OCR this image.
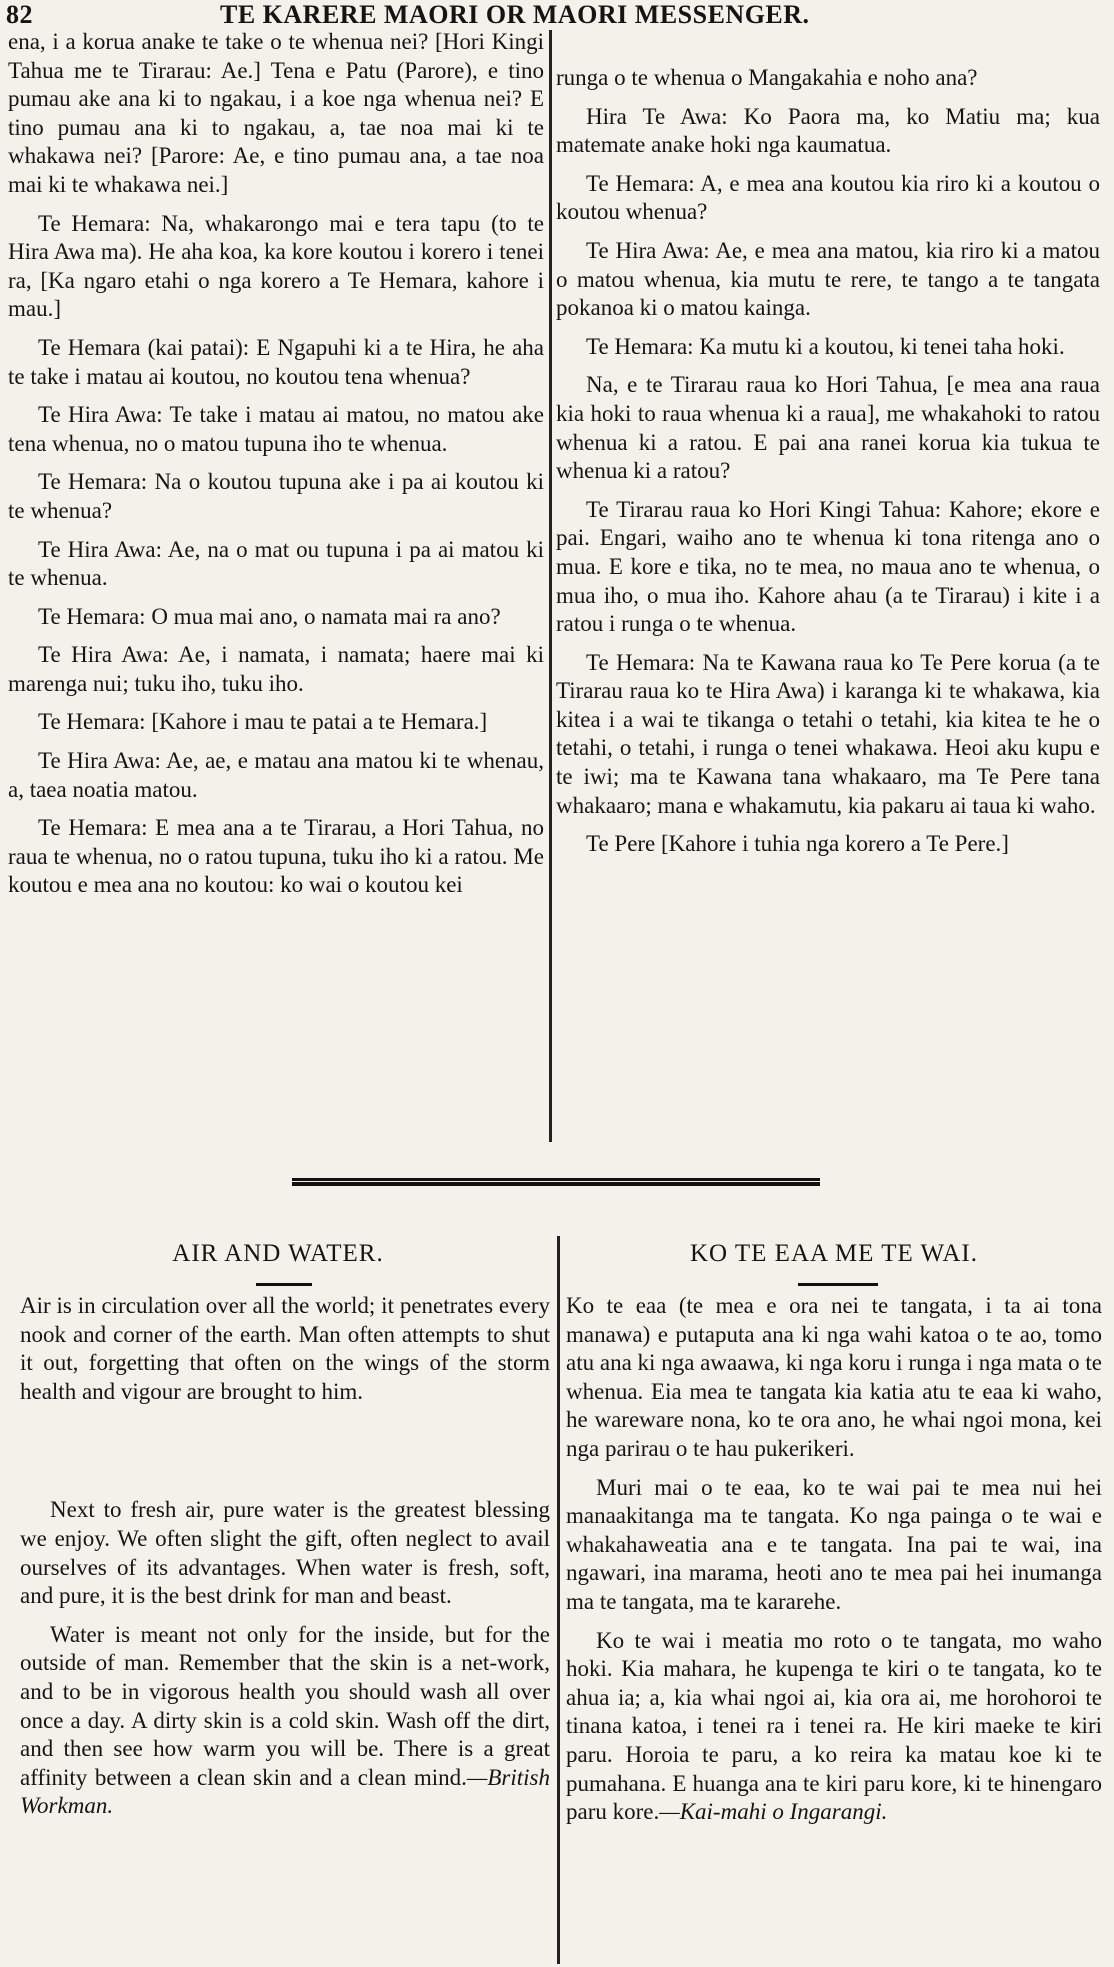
82	TE KARERE MAORI OR MAORI MESSENGER.

ena, i a korua anake te take o te whenua nei? [Hori Kingi Tahua me te Tirarau: Ae.] Tena e Patu (Parore), e tino pumau ake ana ki to ngakau, i a koe nga whenua nei? E tino pumau ana ki to ngakau, a, tae noa mai ki te whakawa nei? [Parore: Ae, e tino pumau ana, a tae noa mai ki te whakawa nei.]

Te Hemara: Na, whakarongo mai e tera tapu (to te Hira Awa ma). He aha koa, ka kore koutou i korero i tenei ra, [Ka ngaro etahi o nga korero a Te Hemara, kahore i mau.]

Te Hemara (kai patai): E Ngapuhi ki a te Hira, he aha te take i matau ai koutou, no koutou tena whenua?

Te Hira Awa: Te take i matau ai matou, no matou ake tena whenua, no o matou tupuna iho te whenua.

Te Hemara: Na o koutou tupuna ake i pa ai koutou ki te whenua?

Te Hira Awa: Ae, na o mat ou tupuna i pa ai matou ki te whenua.

Te Hemara: O mua mai ano, o namata mai ra ano?

Te Hira Awa: Ae, i namata, i namata; haere mai ki marenga nui; tuku iho, tuku iho.

Te Hemara: [Kahore i mau te patai a te Hemara.]

Te Hira Awa: Ae, ae, e matau ana matou ki te whenau, a, taea noatia matou.

Te Hemara: E mea ana a te Tirarau, a Hori Tahua, no raua te whenua, no o ratou tupuna, tuku iho ki a ratou. Me koutou e mea ana no koutou: ko wai o koutou kei

runga o te whenua o Mangakahia e noho ana?

Hira Te Awa: Ko Paora ma, ko Matiu ma; kua matemate anake hoki nga kaumatua.

Te Hemara: A, e mea ana koutou kia riro ki a koutou o koutou whenua?

Te Hira Awa: Ae, e mea ana matou, kia riro ki a matou o matou whenua, kia mutu te rere, te tango a te tangata pokanoa ki o matou kainga.

Te Hemara: Ka mutu ki a koutou, ki tenei taha hoki.

Na, e te Tirarau raua ko Hori Tahua, [e mea ana raua kia hoki to raua whenua ki a raua], me whakahoki to ratou whenua ki a ratou. E pai ana ranei korua kia tukua te whenua ki a ratou?

Te Tirarau raua ko Hori Kingi Tahua: Kahore; ekore e pai. Engari, waiho ano te whenua ki tona ritenga ano o mua. E kore e tika, no te mea, no maua ano te whenua, o mua iho, o mua iho. Kahore ahau (a te Tirarau) i kite i a ratou i runga o te whenua.

Te Hemara: Na te Kawana raua ko Te Pere korua (a te Tirarau raua ko te Hira Awa) i karanga ki te whakawa, kia kitea i a wai te tikanga o tetahi o tetahi, kia kitea te he o tetahi, o tetahi, i runga o tenei whakawa. Heoi aku kupu e te iwi; ma te Kawana tana whakaaro, ma Te Pere tana whakaaro; mana e whakamutu, kia pakaru ai taua ki waho.

Te Pere [Kahore i tuhia nga korero a Te Pere.]

AIR AND WATER.	KO TE EAA ME TE WAI.

Air is in circulation over all the world; it penetrates every nook and corner of the earth. Man often attempts to shut it out, forgetting that often on the wings of the storm health and vigour are brought to him.

Next to fresh air, pure water is the greatest blessing we enjoy. We often slight the gift, often neglect to avail ourselves of its advantages. When water is fresh, soft, and pure, it is the best drink for man and beast.

Water is meant not only for the inside, but for the outside of man. Remember that the skin is a net-work, and to be in vigorous health you should wash all over once a day. A dirty skin is a cold skin. Wash off the dirt, and then see how warm you will be. There is a great affinity between a clean skin and a clean mind.—British Workman.

Ko te eaa (te mea e ora nei te tangata, i ta ai tona manawa) e putaputa ana ki nga wahi katoa o te ao, tomo atu ana ki nga awaawa, ki nga koru i runga i nga mata o te whenua. Eia mea te tangata kia katia atu te eaa ki waho, he wareware nona, ko te ora ano, he whai ngoi mona, kei nga parirau o te hau pukerikeri.

Muri mai o te eaa, ko te wai pai te mea nui hei manaakitanga ma te tangata. Ko nga painga o te wai e whakahaweatia ana e te tangata. Ina pai te wai, ina ngawari, ina marama, heoti ano te mea pai hei inumanga ma te tangata, ma te kararehe.

Ko te wai i meatia mo roto o te tangata, mo waho hoki. Kia mahara, he kupenga te kiri o te tangata, ko te ahua ia; a, kia whai ngoi ai, kia ora ai, me horohoroi te tinana katoa, i tenei ra i tenei ra. He kiri maeke te kiri paru. Horoia te paru, a ko reira ka matau koe ki te pumahana. E huanga ana te kiri paru kore, ki te hinengaro paru kore.—Kai-mahi o Ingarangi.
